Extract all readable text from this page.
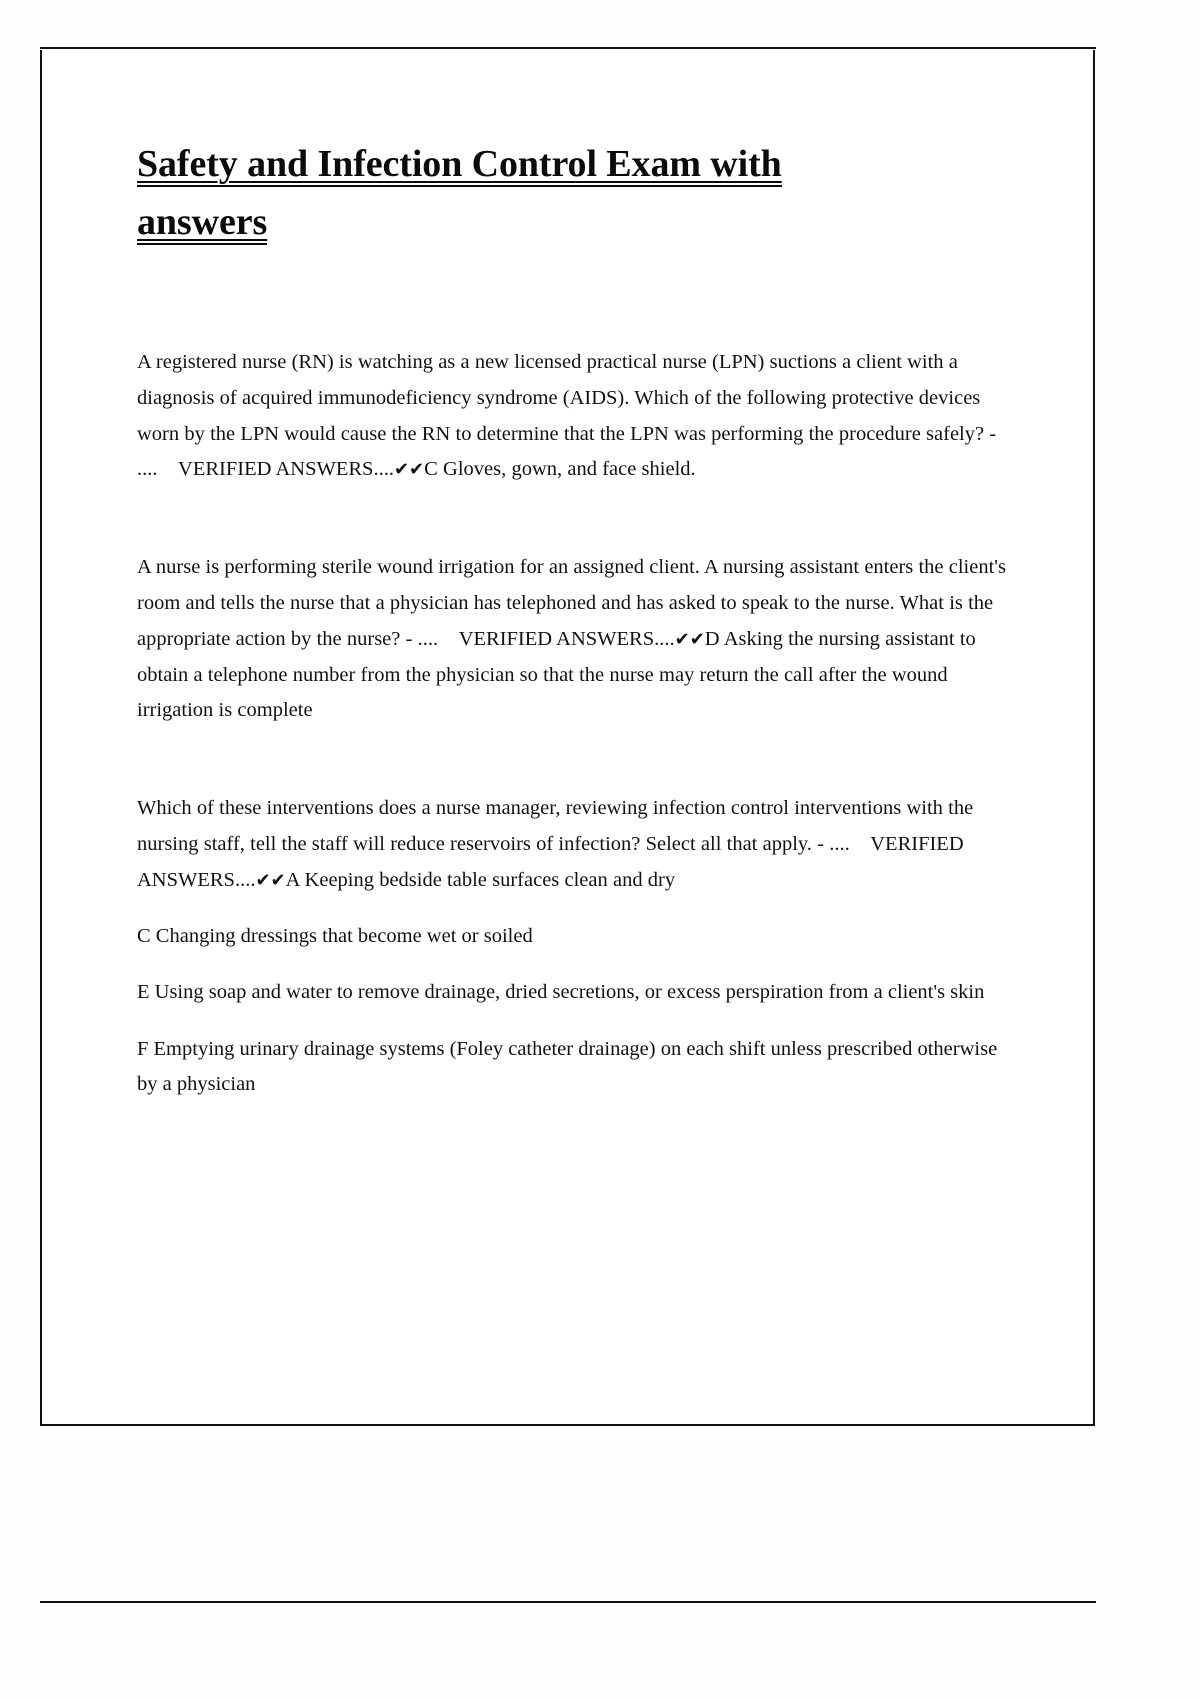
Safety and Infection Control Exam with answers

A registered nurse (RN) is watching as a new licensed practical nurse (LPN) suctions a client with a diagnosis of acquired immunodeficiency syndrome (AIDS). Which of the following protective devices worn by the LPN would cause the RN to determine that the LPN was performing the procedure safely? - .... VERIFIED ANSWERS....✔✔C Gloves, gown, and face shield.

A nurse is performing sterile wound irrigation for an assigned client. A nursing assistant enters the client's room and tells the nurse that a physician has telephoned and has asked to speak to the nurse. What is the appropriate action by the nurse? - .... VERIFIED ANSWERS....✔✔D Asking the nursing assistant to obtain a telephone number from the physician so that the nurse may return the call after the wound irrigation is complete

Which of these interventions does a nurse manager, reviewing infection control interventions with the nursing staff, tell the staff will reduce reservoirs of infection? Select all that apply. - .... VERIFIED ANSWERS....✔✔A Keeping bedside table surfaces clean and dry

C Changing dressings that become wet or soiled

E Using soap and water to remove drainage, dried secretions, or excess perspiration from a client's skin

F Emptying urinary drainage systems (Foley catheter drainage) on each shift unless prescribed otherwise by a physician
